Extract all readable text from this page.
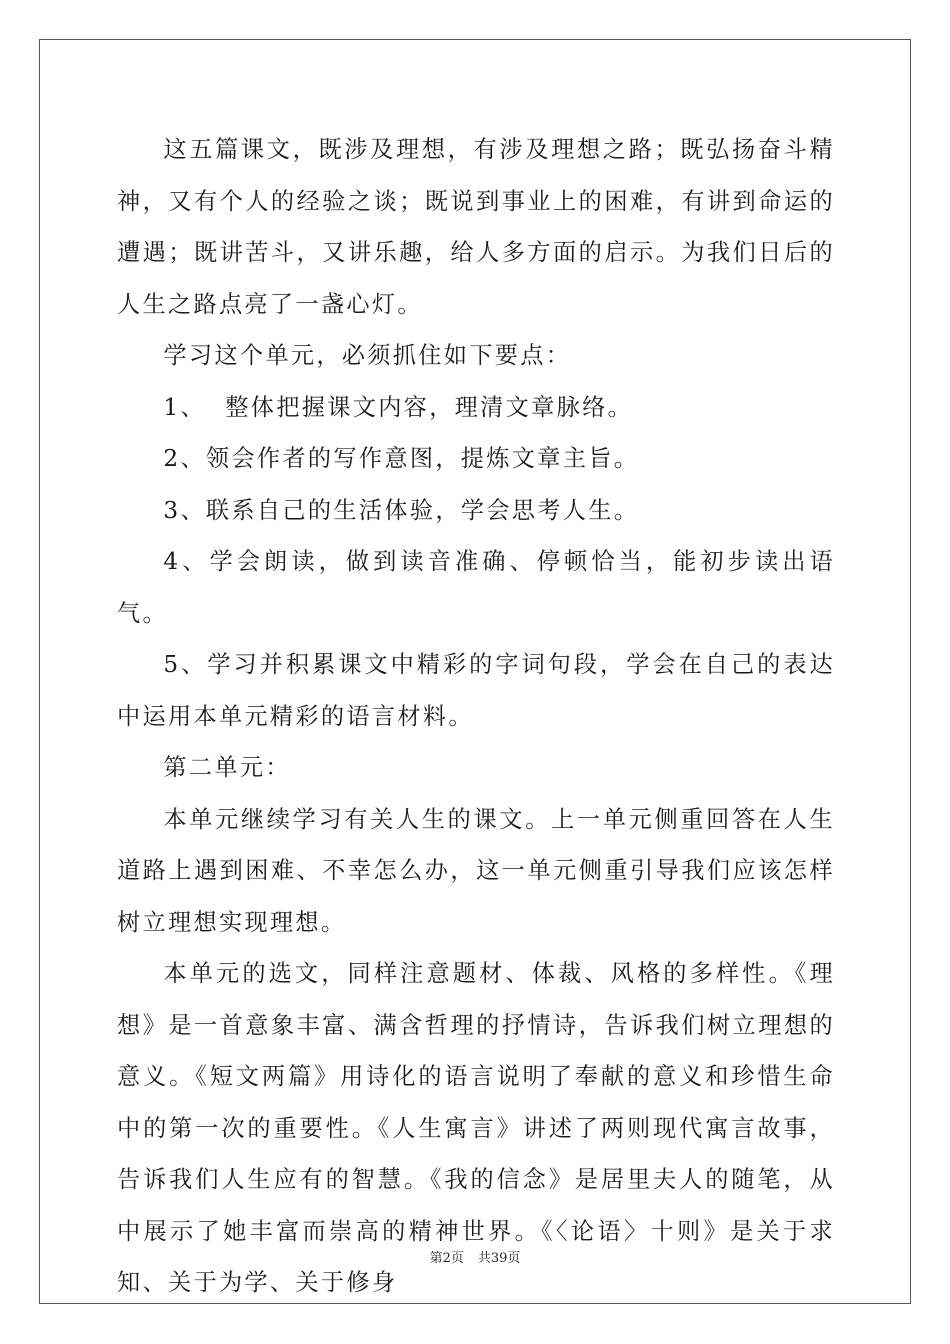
这五篇课文，既涉及理想，有涉及理想之路；既弘扬奋斗精神，又有个人的经验之谈；既说到事业上的困难，有讲到命运的遭遇；既讲苦斗，又讲乐趣，给人多方面的启示。为我们日后的人生之路点亮了一盏心灯。

学习这个单元，必须抓住如下要点：

1、  整体把握课文内容，理清文章脉络。

2、领会作者的写作意图，提炼文章主旨。

3、联系自己的生活体验，学会思考人生。

4、学会朗读，做到读音准确、停顿恰当，能初步读出语气。

5、学习并积累课文中精彩的字词句段，学会在自己的表达中运用本单元精彩的语言材料。

第二单元：

本单元继续学习有关人生的课文。上一单元侧重回答在人生道路上遇到困难、不幸怎么办，这一单元侧重引导我们应该怎样树立理想实现理想。

本单元的选文，同样注意题材、体裁、风格的多样性。《理想》是一首意象丰富、满含哲理的抒情诗，告诉我们树立理想的意义。《短文两篇》用诗化的语言说明了奉献的意义和珍惜生命中的第一次的重要性。《人生寓言》讲述了两则现代寓言故事，告诉我们人生应有的智慧。《我的信念》是居里夫人的随笔，从中展示了她丰富而崇高的精神世界。《〈论语〉十则》是关于求知、关于为学、关于修身

第2页 共39页
